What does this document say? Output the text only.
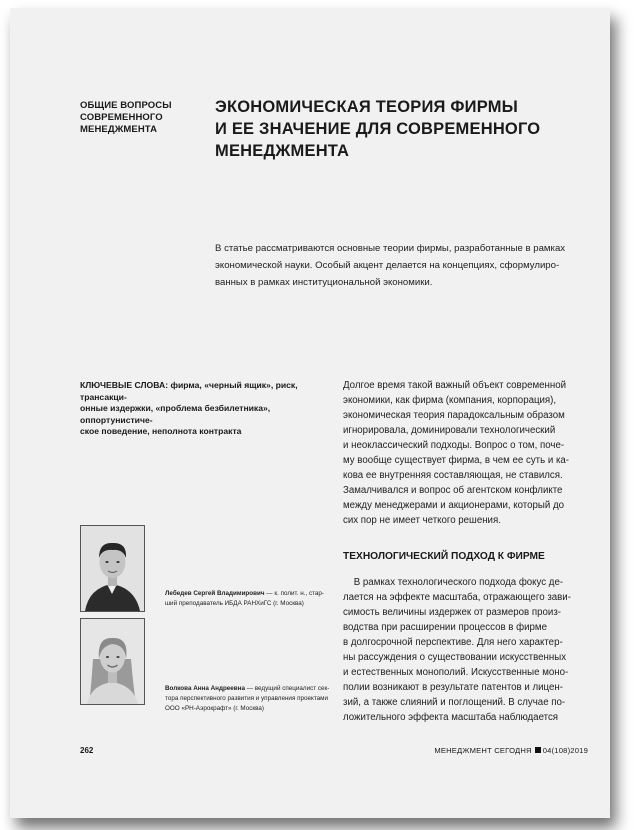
ОБЩИЕ ВОПРОСЫ
СОВРЕМЕННОГО
МЕНЕДЖМЕНТА
ЭКОНОМИЧЕСКАЯ ТЕОРИЯ ФИРМЫ
И ЕЕ ЗНАЧЕНИЕ ДЛЯ СОВРЕМЕННОГО
МЕНЕДЖМЕНТА
В статье рассматриваются основные теории фирмы, разработанные в рамках
экономической науки. Особый акцент делается на концепциях, сформулиро-
ванных в рамках институциональной экономики.
КЛЮЧЕВЫЕ СЛОВА: фирма, «черный ящик», риск, трансакци-
онные издержки, «проблема безбилетника», оппортунистиче-
ское поведение, неполнота контракта
Долгое время такой важный объект современной
экономики, как фирма (компания, корпорация),
экономическая теория парадоксальным образом
игнорировала, доминировали технологический
и неоклассический подходы. Вопрос о том, поче-
му вообще существует фирма, в чем ее суть и ка-
кова ее внутренняя составляющая, не ставился.
Замалчивался и вопрос об агентском конфликте
между менеджерами и акционерами, который до
сих пор не имеет четкого решения.
ТЕХНОЛОГИЧЕСКИЙ ПОДХОД К ФИРМЕ
В рамках технологического подхода фокус де-
лается на эффекте масштаба, отражающего зави-
симость величины издержек от размеров произ-
водства при расширении процессов в фирме
в долгосрочной перспективе. Для него характер-
ны рассуждения о существовании искусственных
и естественных монополий. Искусственные моно-
полии возникают в результате патентов и лицен-
зий, а также слияний и поглощений. В случае по-
ложительного эффекта масштаба наблюдается
Лебедев Сергей Владимирович — к. полит. н., стар-
ший преподаватель ИБДА РАНХиГС (г. Москва)
Волкова Анна Андреевна — ведущий специалист сек-
тора перспективного развития и управления проектами
ООО «РН-Аэрокрафт» (г. Москва)
262	МЕНЕДЖМЕНТ СЕГОДНЯ 04(108)2019
